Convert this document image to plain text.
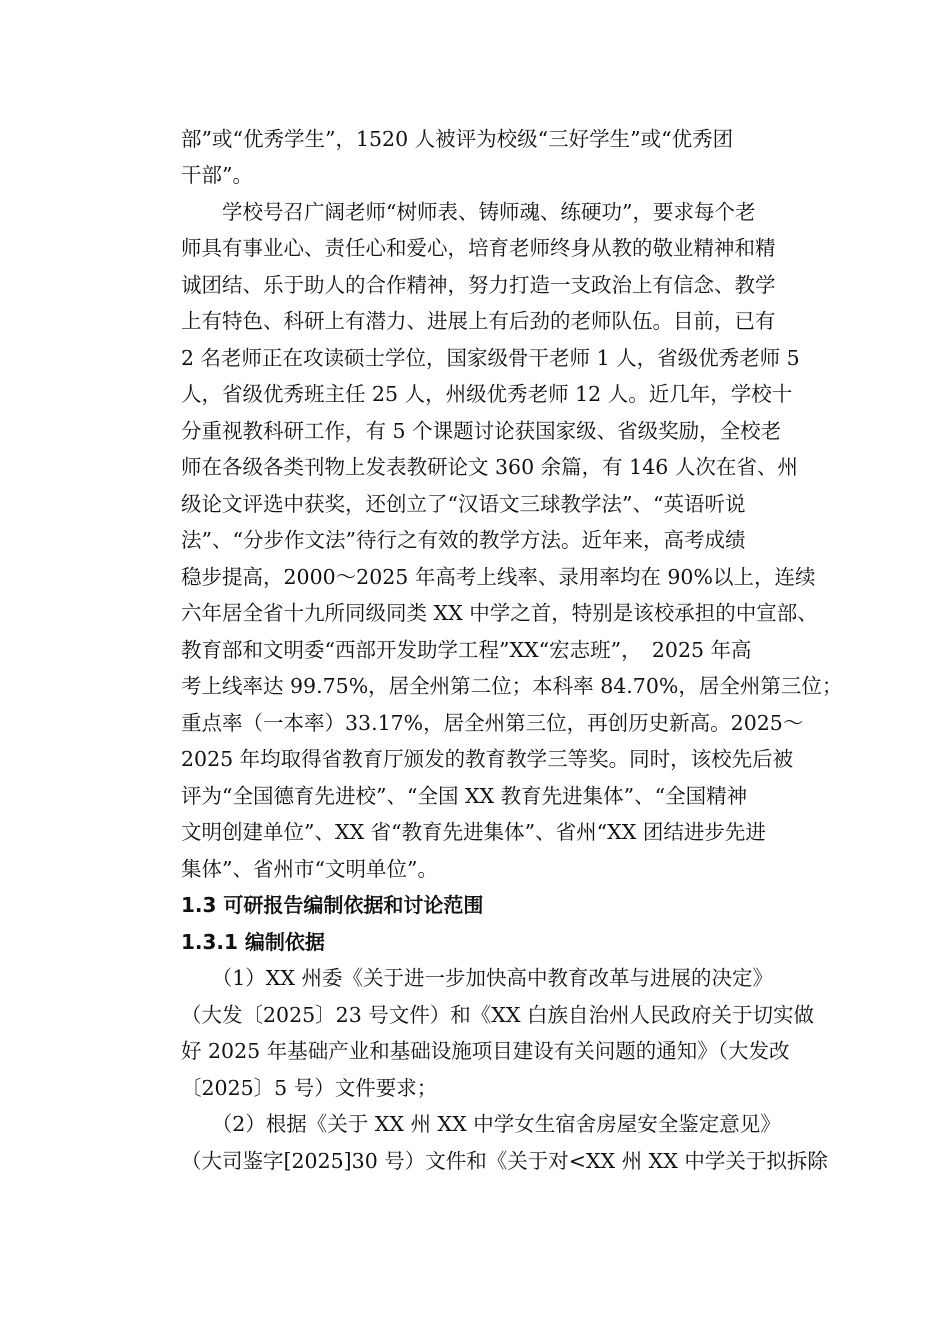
部”或“优秀学生”，1520 人被评为校级“三好学生”或“优秀团
干部”。
　　学校号召广阔老师“树师表、铸师魂、练硬功”，要求每个老
师具有事业心、责任心和爱心，培育老师终身从教的敬业精神和精
诚团结、乐于助人的合作精神，努力打造一支政治上有信念、教学
上有特色、科研上有潜力、进展上有后劲的老师队伍。目前，已有
2 名老师正在攻读硕士学位，国家级骨干老师 1 人，省级优秀老师 5
人，省级优秀班主任 25 人，州级优秀老师 12 人。近几年，学校十
分重视教科研工作，有 5 个课题讨论获国家级、省级奖励，全校老
师在各级各类刊物上发表教研论文 360 余篇，有 146 人次在省、州
级论文评选中获奖，还创立了“汉语文三球教学法”、“英语听说
法”、“分步作文法”待行之有效的教学方法。近年来，高考成绩
稳步提高，2000～2025 年高考上线率、录用率均在 90%以上，连续
六年居全省十九所同级同类 XX 中学之首，特别是该校承担的中宣部、
教育部和文明委“西部开发助学工程”XX“宏志班”，　2025 年高
考上线率达 99.75%，居全州第二位；本科率 84.70%，居全州第三位；
重点率（一本率）33.17%，居全州第三位，再创历史新高。2025～
2025 年均取得省教育厅颁发的教育教学三等奖。同时，该校先后被
评为“全国德育先进校”、“全国 XX 教育先进集体”、“全国精神
文明创建单位”、XX 省“教育先进集体”、省州“XX 团结进步先进
集体”、省州市“文明单位”。
1.3 可研报告编制依据和讨论范围
1.3.1 编制依据
　　（1）XX 州委《关于进一步加快高中教育改革与进展的决定》
（大发〔2025〕23 号文件）和《XX 白族自治州人民政府关于切实做
好 2025 年基础产业和基础设施项目建设有关问题的通知》（大发改
〔2025〕5 号）文件要求；
　　（2）根据《关于 XX 州 XX 中学女生宿舍房屋安全鉴定意见》
（大司鉴字[2025]30 号）文件和《关于对<XX 州 XX 中学关于拟拆除
